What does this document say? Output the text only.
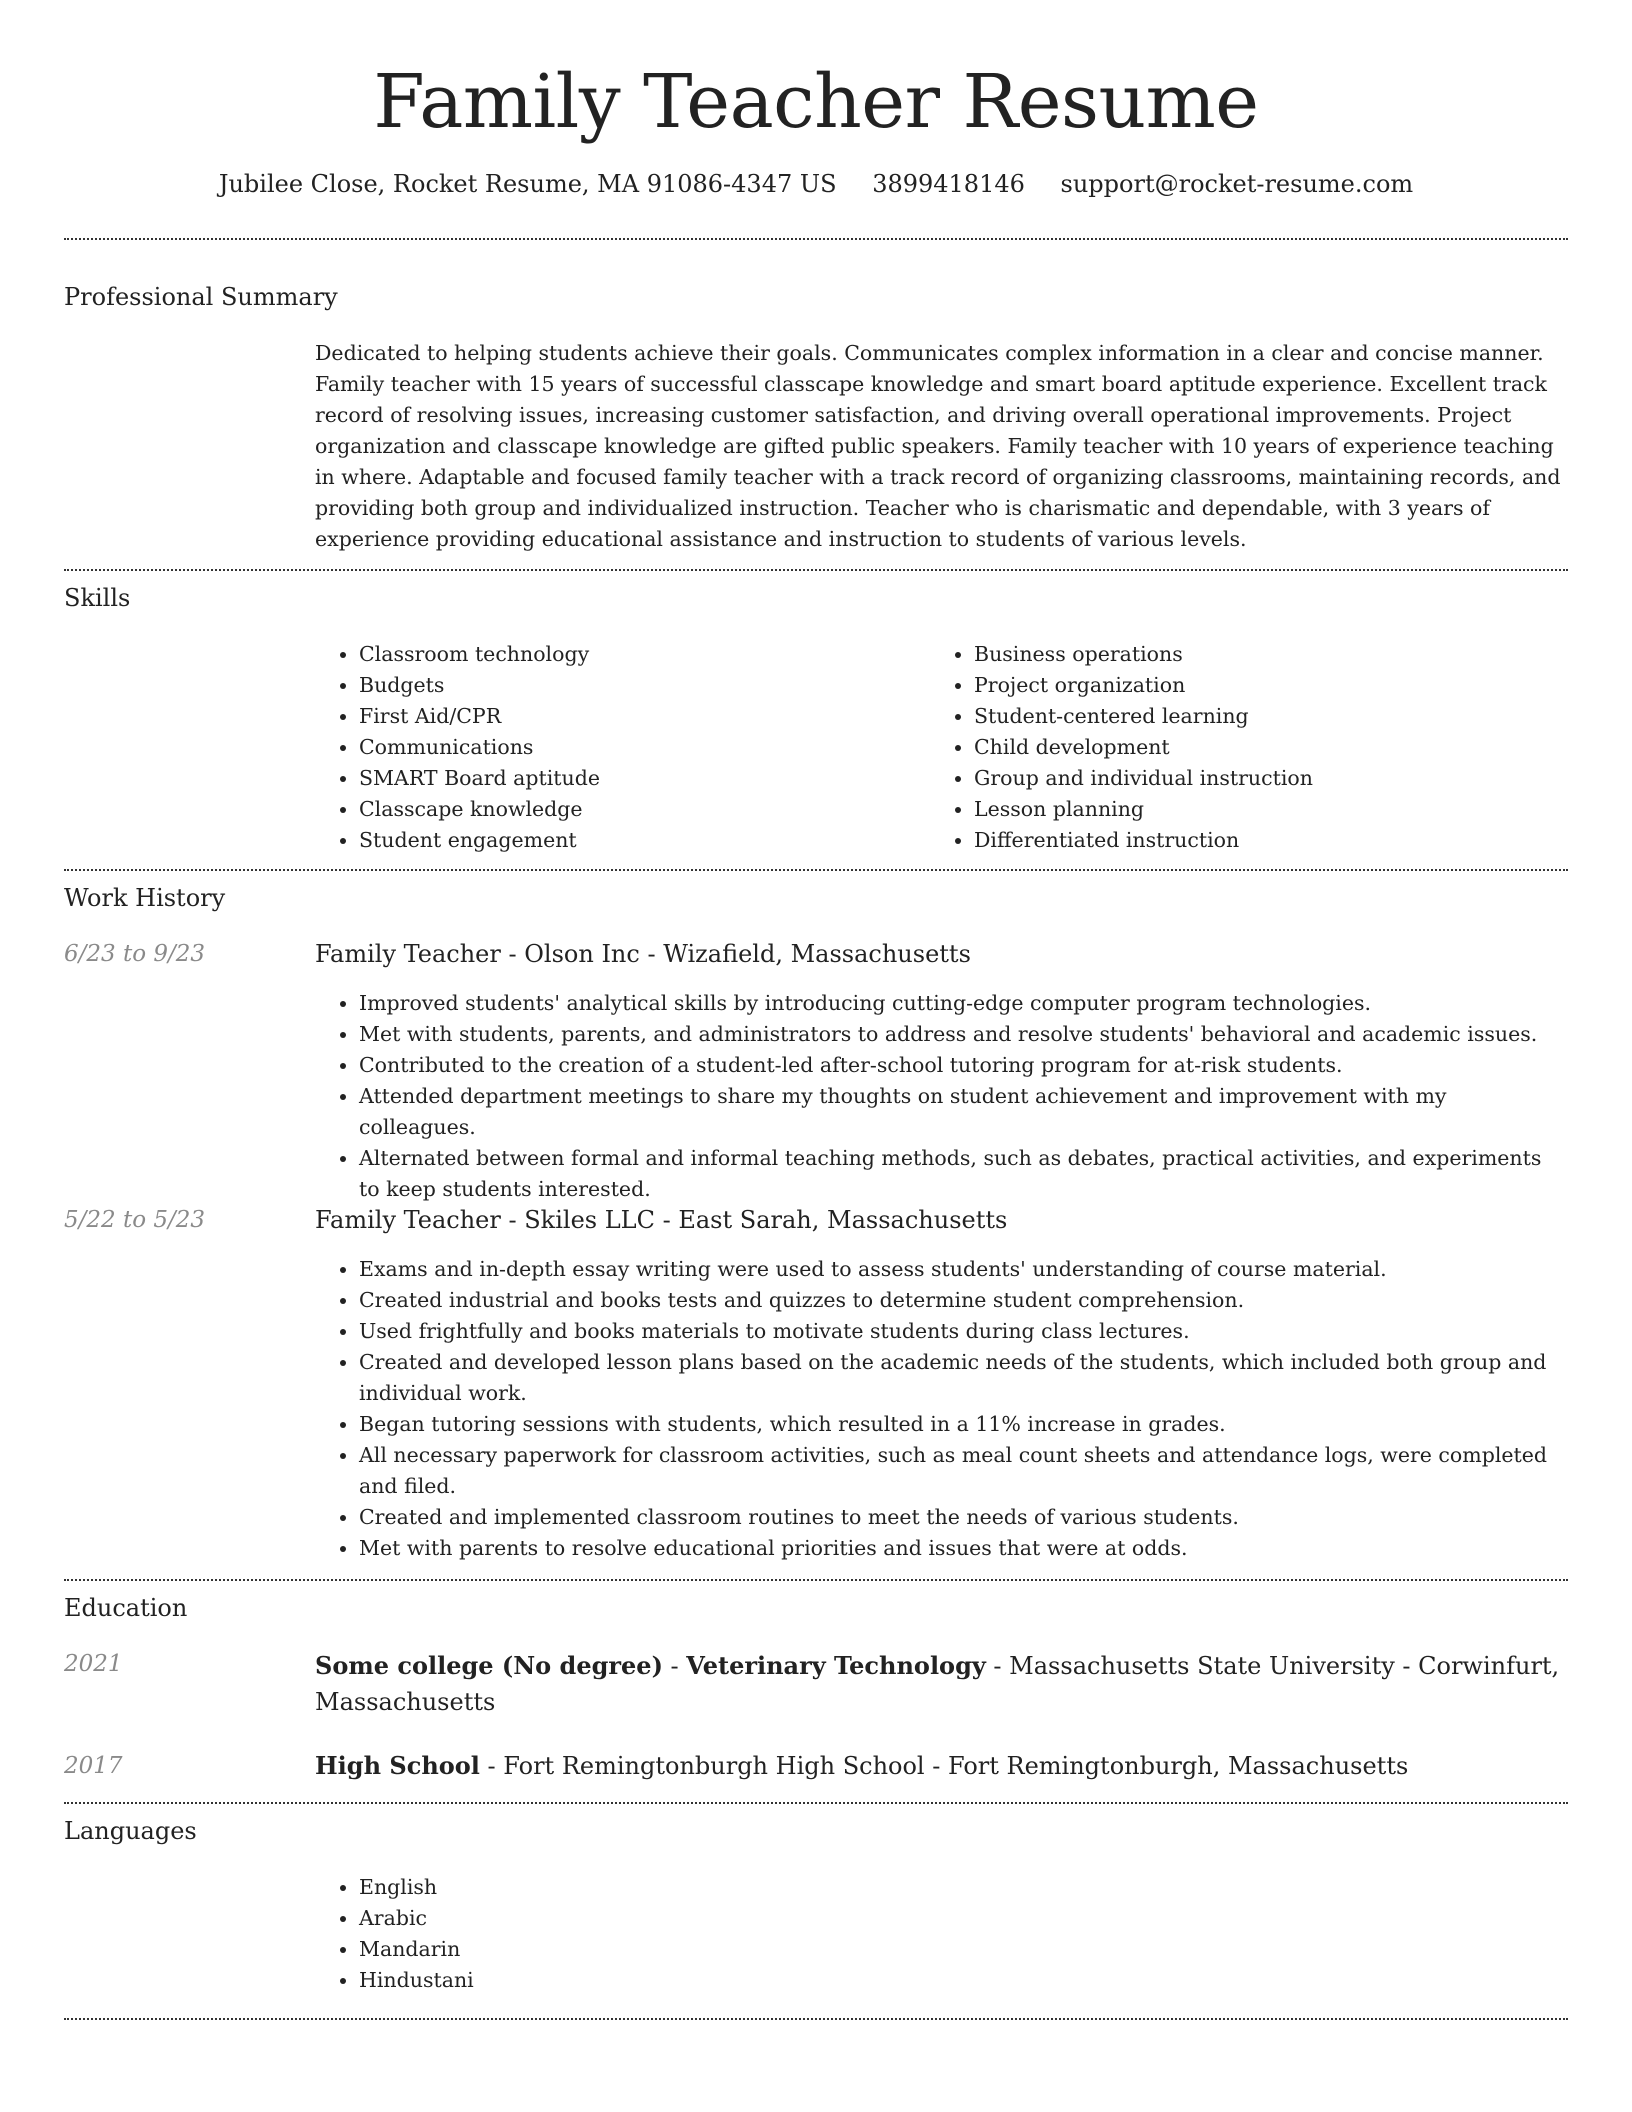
Family Teacher Resume
Jubilee Close, Rocket Resume, MA 91086-4347 US 3899418146 support@rocket-resume.com
Professional Summary
Dedicated to helping students achieve their goals. Communicates complex information in a clear and concise manner. Family teacher with 15 years of successful classcape knowledge and smart board aptitude experience. Excellent track record of resolving issues, increasing customer satisfaction, and driving overall operational improvements. Project organization and classcape knowledge are gifted public speakers. Family teacher with 10 years of experience teaching in where. Adaptable and focused family teacher with a track record of organizing classrooms, maintaining records, and providing both group and individualized instruction. Teacher who is charismatic and dependable, with 3 years of experience providing educational assistance and instruction to students of various levels.
Skills
• Classroom technology
• Budgets
• First Aid/CPR
• Communications
• SMART Board aptitude
• Classcape knowledge
• Student engagement
• Business operations
• Project organization
• Student-centered learning
• Child development
• Group and individual instruction
• Lesson planning
• Differentiated instruction
Work History
6/23 to 9/23	Family Teacher - Olson Inc - Wizafield, Massachusetts
• Improved students' analytical skills by introducing cutting-edge computer program technologies.
• Met with students, parents, and administrators to address and resolve students' behavioral and academic issues.
• Contributed to the creation of a student-led after-school tutoring program for at-risk students.
• Attended department meetings to share my thoughts on student achievement and improvement with my colleagues.
• Alternated between formal and informal teaching methods, such as debates, practical activities, and experiments to keep students interested.
5/22 to 5/23	Family Teacher - Skiles LLC - East Sarah, Massachusetts
• Exams and in-depth essay writing were used to assess students' understanding of course material.
• Created industrial and books tests and quizzes to determine student comprehension.
• Used frightfully and books materials to motivate students during class lectures.
• Created and developed lesson plans based on the academic needs of the students, which included both group and individual work.
• Began tutoring sessions with students, which resulted in a 11% increase in grades.
• All necessary paperwork for classroom activities, such as meal count sheets and attendance logs, were completed and filed.
• Created and implemented classroom routines to meet the needs of various students.
• Met with parents to resolve educational priorities and issues that were at odds.
Education
2021	Some college (No degree) - Veterinary Technology - Massachusetts State University - Corwinfurt,
Massachusetts
2017	High School - Fort Remingtonburgh High School - Fort Remingtonburgh, Massachusetts
Languages
• English
• Arabic
• Mandarin
• Hindustani
